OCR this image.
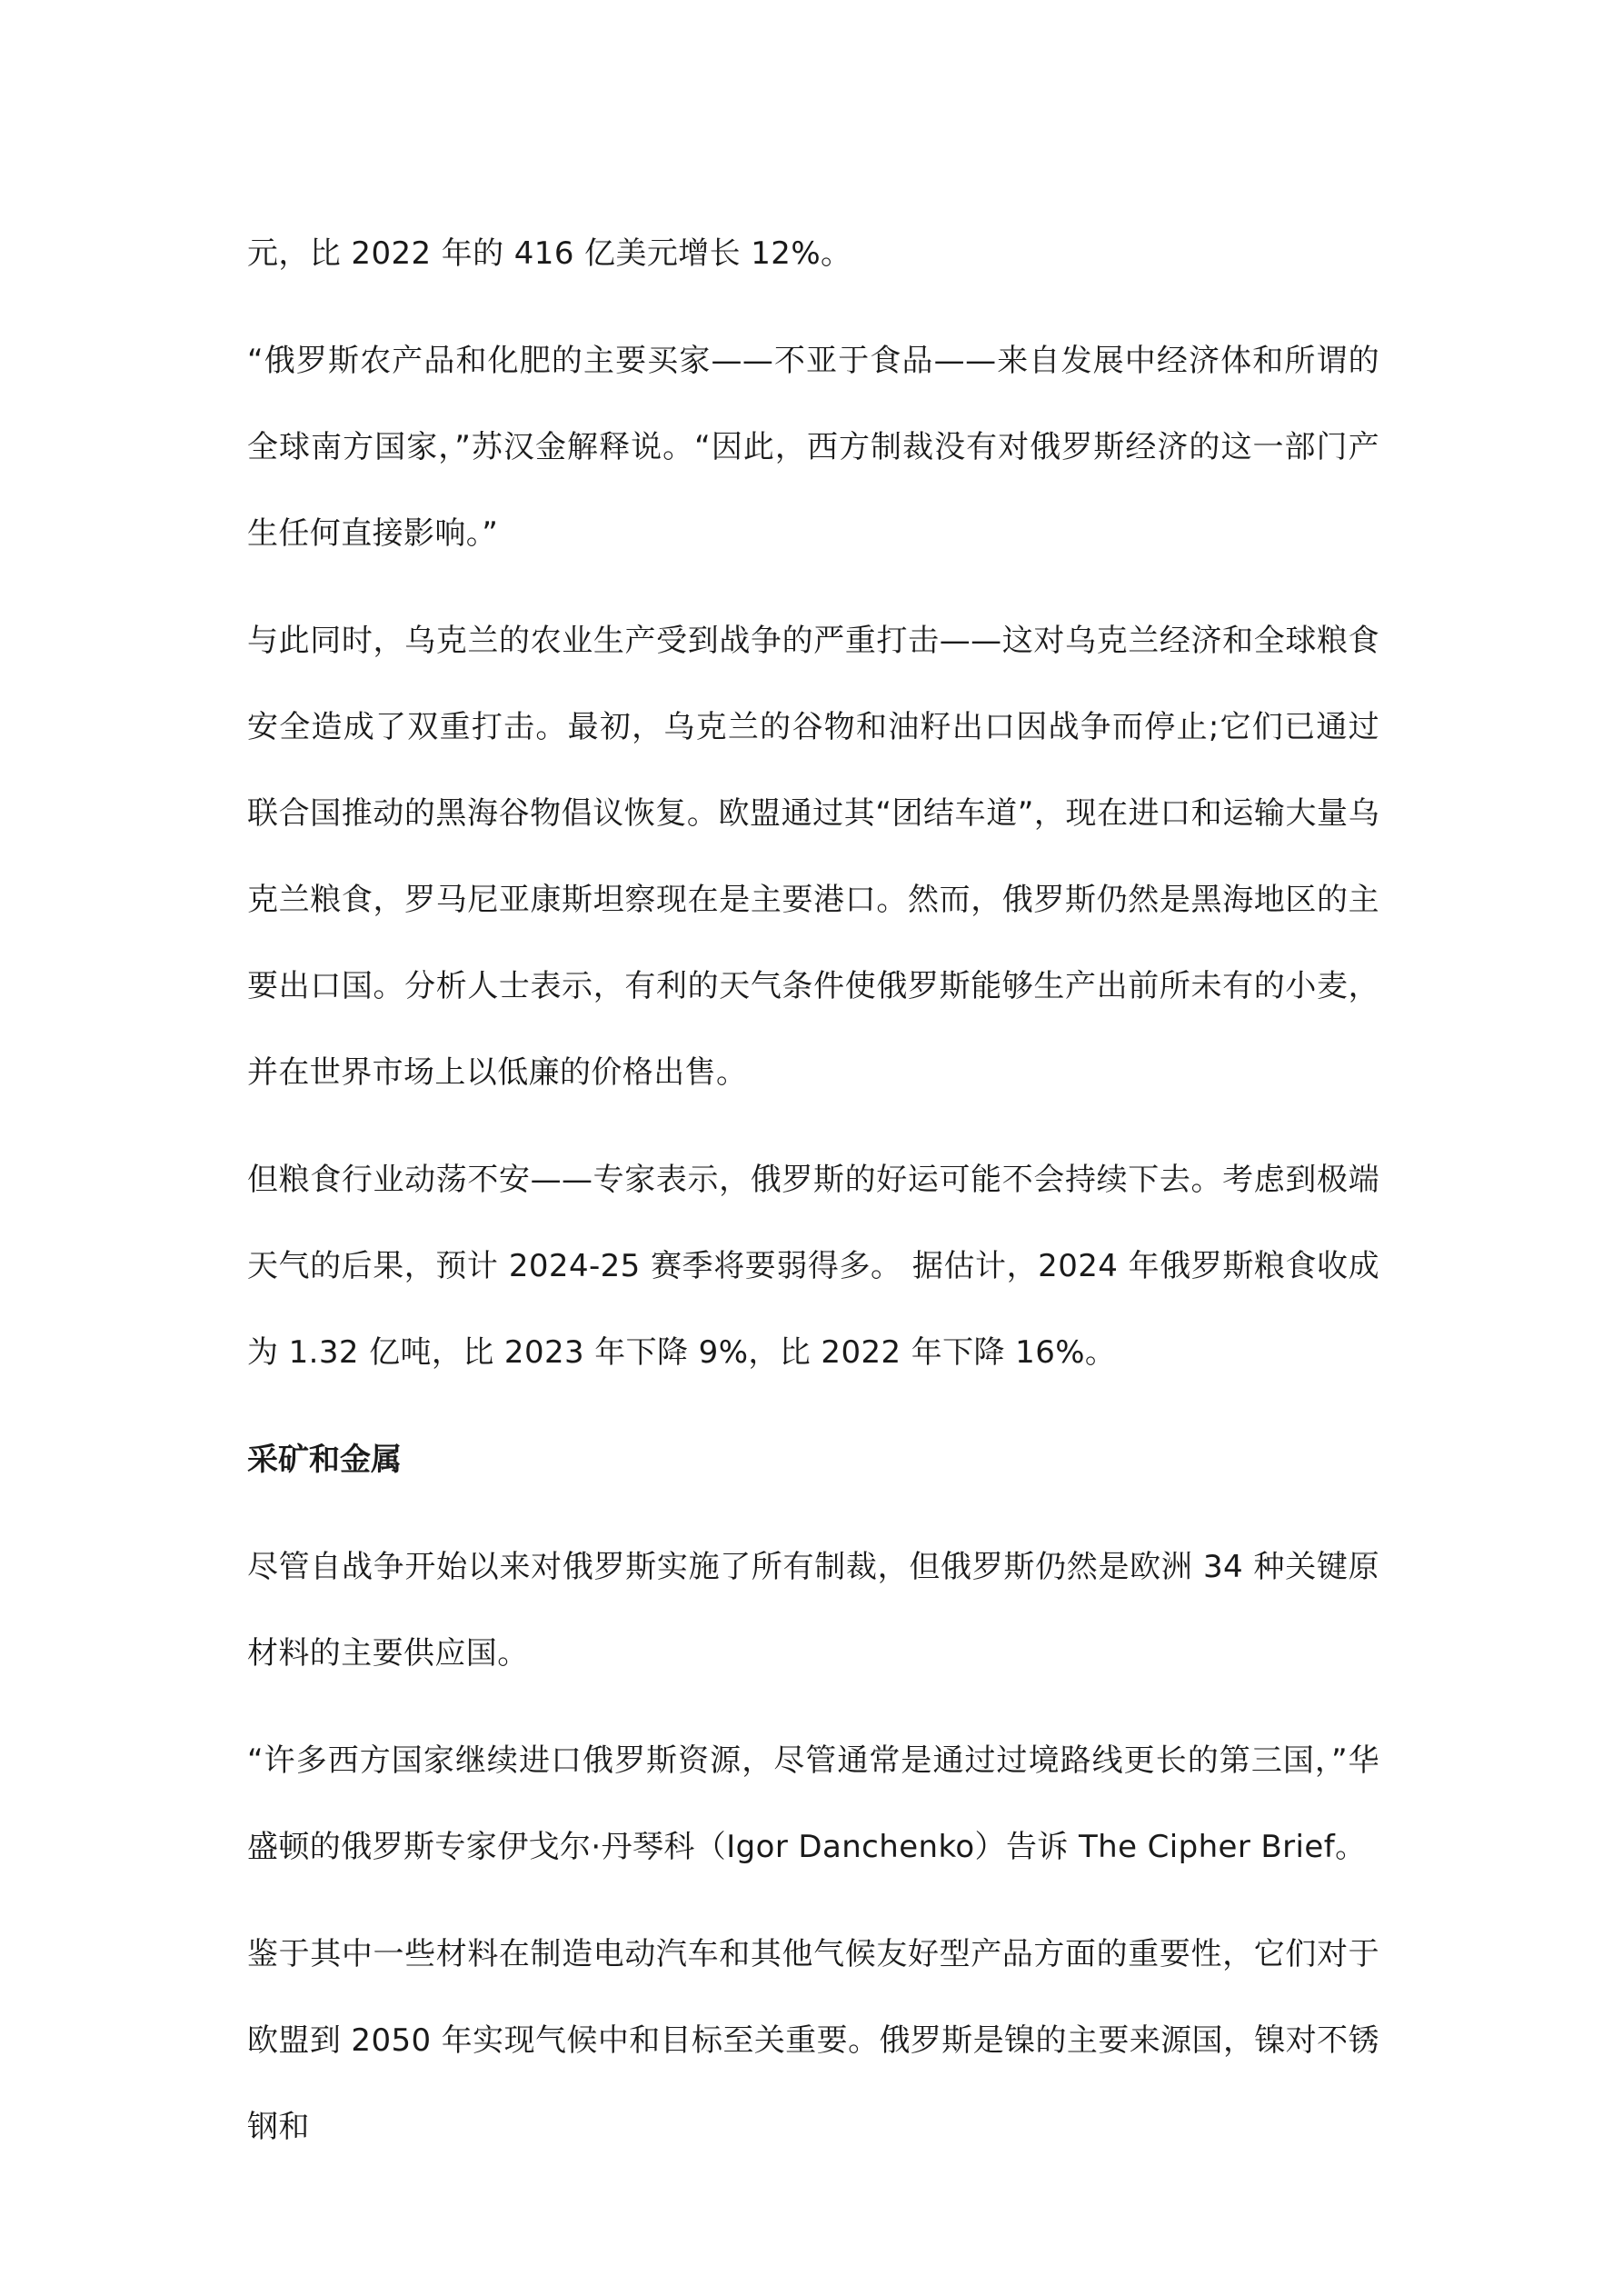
元，比 2022 年的 416 亿美元增长 12%。

“俄罗斯农产品和化肥的主要买家——不亚于食品——来自发展中经济体和所谓的全球南方国家，”苏汉金解释说。“因此，西方制裁没有对俄罗斯经济的这一部门产生任何直接影响。”

与此同时，乌克兰的农业生产受到战争的严重打击——这对乌克兰经济和全球粮食安全造成了双重打击。最初，乌克兰的谷物和油籽出口因战争而停止;它们已通过联合国推动的黑海谷物倡议恢复。欧盟通过其“团结车道”，现在进口和运输大量乌克兰粮食，罗马尼亚康斯坦察现在是主要港口。然而，俄罗斯仍然是黑海地区的主要出口国。分析人士表示，有利的天气条件使俄罗斯能够生产出前所未有的小麦，并在世界市场上以低廉的价格出售。

但粮食行业动荡不安——专家表示，俄罗斯的好运可能不会持续下去。考虑到极端天气的后果，预计 2024-25 赛季将要弱得多。 据估计，2024 年俄罗斯粮食收成为 1.32 亿吨，比 2023 年下降 9%，比 2022 年下降 16%。

采矿和金属

尽管自战争开始以来对俄罗斯实施了所有制裁，但俄罗斯仍然是欧洲 34 种关键原材料的主要供应国。

“许多西方国家继续进口俄罗斯资源，尽管通常是通过过境路线更长的第三国，”华盛顿的俄罗斯专家伊戈尔·丹琴科（Igor Danchenko）告诉 The Cipher Brief。

鉴于其中一些材料在制造电动汽车和其他气候友好型产品方面的重要性，它们对于欧盟到 2050 年实现气候中和目标至关重要。俄罗斯是镍的主要来源国，镍对不锈钢和
